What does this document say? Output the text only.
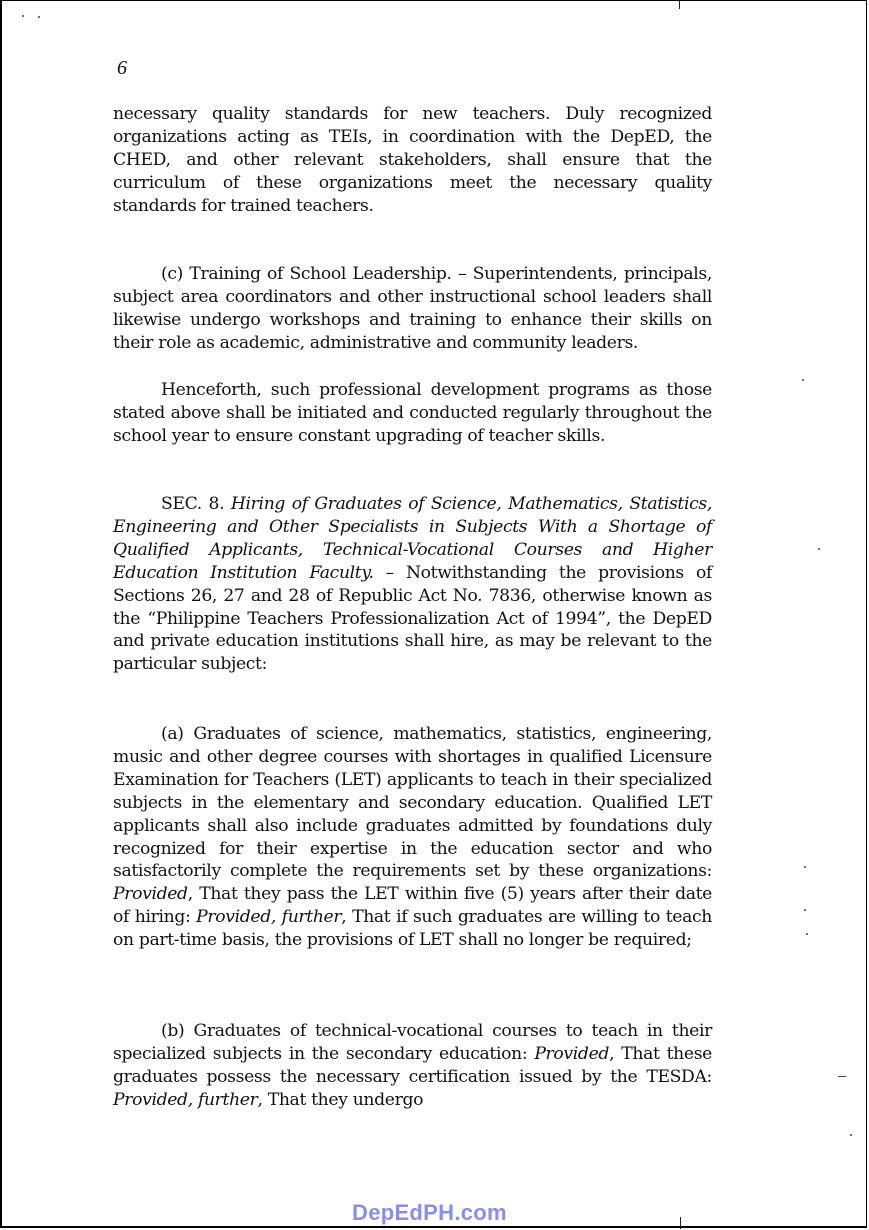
6

necessary quality standards for new teachers. Duly recognized organizations acting as TEIs, in coordination with the DepED, the CHED, and other relevant stakeholders, shall ensure that the curriculum of these organizations meet the necessary quality standards for trained teachers.

(c) Training of School Leadership. – Superintendents, principals, subject area coordinators and other instructional school leaders shall likewise undergo workshops and training to enhance their skills on their role as academic, administrative and community leaders.

Henceforth, such professional development programs as those stated above shall be initiated and conducted regularly throughout the school year to ensure constant upgrading of teacher skills.

SEC. 8. Hiring of Graduates of Science, Mathematics, Statistics, Engineering and Other Specialists in Subjects With a Shortage of Qualified Applicants, Technical-Vocational Courses and Higher Education Institution Faculty. – Notwithstanding the provisions of Sections 26, 27 and 28 of Republic Act No. 7836, otherwise known as the “Philippine Teachers Professionalization Act of 1994”, the DepED and private education institutions shall hire, as may be relevant to the particular subject:

(a) Graduates of science, mathematics, statistics, engineering, music and other degree courses with shortages in qualified Licensure Examination for Teachers (LET) applicants to teach in their specialized subjects in the elementary and secondary education. Qualified LET applicants shall also include graduates admitted by foundations duly recognized for their expertise in the education sector and who satisfactorily complete the requirements set by these organizations: Provided, That they pass the LET within five (5) years after their date of hiring: Provided, further, That if such graduates are willing to teach on part-time basis, the provisions of LET shall no longer be required;

(b) Graduates of technical-vocational courses to teach in their specialized subjects in the secondary education: Provided, That these graduates possess the necessary certification issued by the TESDA: Provided, further, That they undergo

DepEdPH.com
